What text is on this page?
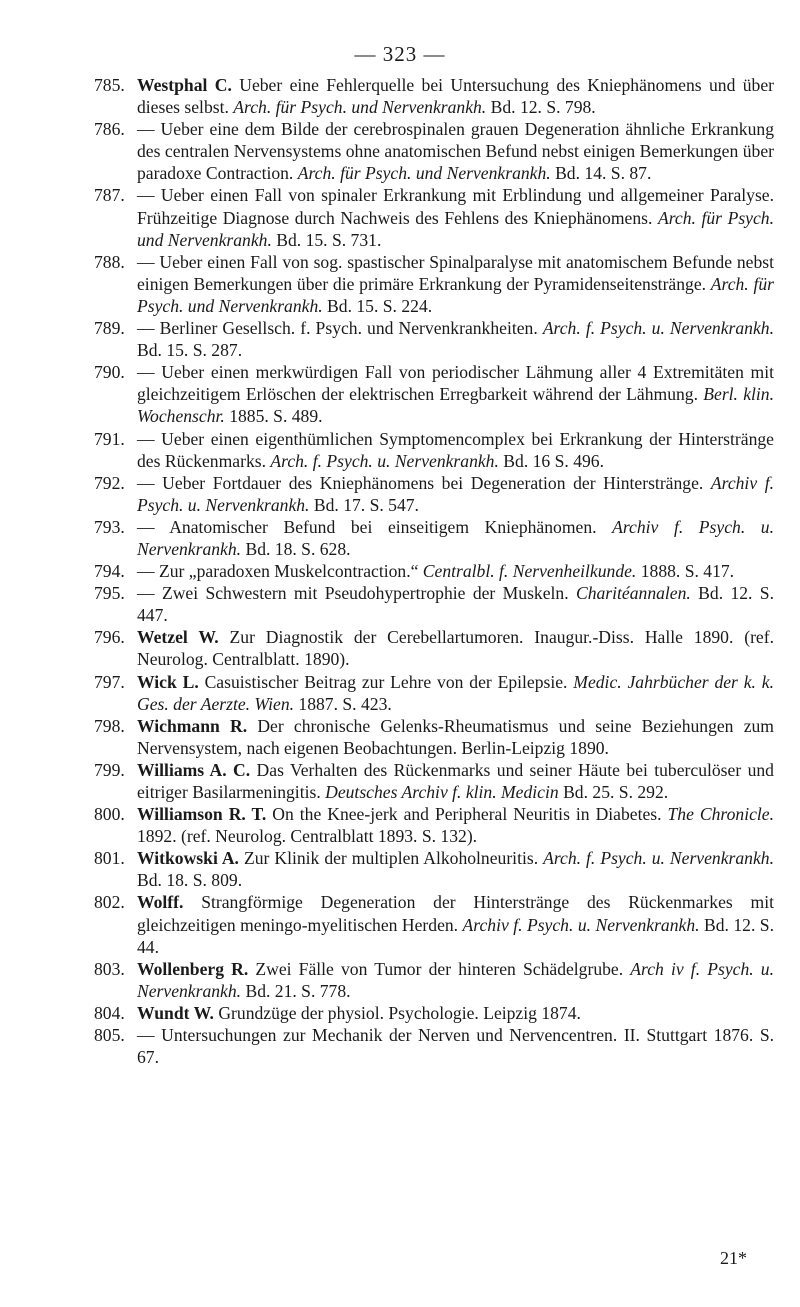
— 323 —
785. Westphal C. Ueber eine Fehlerquelle bei Untersuchung des Kniephänomens und über dieses selbst. Arch. für Psych. und Nervenkrankh. Bd. 12. S. 798.
786. — Ueber eine dem Bilde der cerebrospinalen grauen Degeneration ähnliche Erkrankung des centralen Nervensystems ohne anatomischen Befund nebst einigen Bemerkungen über paradoxe Contraction. Arch. für Psych. und Nervenkrankh. Bd. 14. S. 87.
787. — Ueber einen Fall von spinaler Erkrankung mit Erblindung und allgemeiner Paralyse. Frühzeitige Diagnose durch Nachweis des Fehlens des Kniephänomens. Arch. für Psych. und Nervenkrankh. Bd. 15. S. 731.
788. — Ueber einen Fall von sog. spastischer Spinalparalyse mit anatomischem Befunde nebst einigen Bemerkungen über die primäre Erkrankung der Pyramidenseitenstränge. Arch. für Psych. und Nervenkrankh. Bd. 15. S. 224.
789. — Berliner Gesellsch. f. Psych. und Nervenkrankheiten. Arch. f. Psych. u. Nervenkrankh. Bd. 15. S. 287.
790. — Ueber einen merkwürdigen Fall von periodischer Lähmung aller 4 Extremitäten mit gleichzeitigem Erlöschen der elektrischen Erregbarkeit während der Lähmung. Berl. klin. Wochenschr. 1885. S. 489.
791. — Ueber einen eigenthümlichen Symptomencomplex bei Erkrankung der Hinterstränge des Rückenmarks. Arch. f. Psych. u. Nervenkrankh. Bd. 16 S. 496.
792. — Ueber Fortdauer des Kniephänomens bei Degeneration der Hinterstränge. Archiv f. Psych. u. Nervenkrankh. Bd. 17. S. 547.
793. — Anatomischer Befund bei einseitigem Kniephänomen. Archiv f. Psych. u. Nervenkrankh. Bd. 18. S. 628.
794. — Zur „paradoxen Muskelcontraction.“ Centralbl. f. Nervenheilkunde. 1888. S. 417.
795. — Zwei Schwestern mit Pseudohypertrophie der Muskeln. Charitéannalen. Bd. 12. S. 447.
796. Wetzel W. Zur Diagnostik der Cerebellartumoren. Inaugur.-Diss. Halle 1890. (ref. Neurolog. Centralblatt. 1890).
797. Wick L. Casuistischer Beitrag zur Lehre von der Epilepsie. Medic. Jahrbücher der k. k. Ges. der Aerzte. Wien. 1887. S. 423.
798. Wichmann R. Der chronische Gelenks-Rheumatismus und seine Beziehungen zum Nervensystem, nach eigenen Beobachtungen. Berlin-Leipzig 1890.
799. Williams A. C. Das Verhalten des Rückenmarks und seiner Häute bei tuberculöser und eitriger Basilarmeningitis. Deutsches Archiv f. klin. Medicin Bd. 25. S. 292.
800. Williamson R. T. On the Knee-jerk and Peripheral Neuritis in Diabetes. The Chronicle. 1892. (ref. Neurolog. Centralblatt 1893. S. 132).
801. Witkowski A. Zur Klinik der multiplen Alkoholneuritis. Arch. f. Psych. u. Nervenkrankh. Bd. 18. S. 809.
802. Wolff. Strangförmige Degeneration der Hinterstränge des Rückenmarkes mit gleichzeitigen meningo-myelitischen Herden. Archiv f. Psych. u. Nervenkrankh. Bd. 12. S. 44.
803. Wollenberg R. Zwei Fälle von Tumor der hinteren Schädelgrube. Arch iv f. Psych. u. Nervenkrankh. Bd. 21. S. 778.
804. Wundt W. Grundzüge der physiol. Psychologie. Leipzig 1874.
805. — Untersuchungen zur Mechanik der Nerven und Nervencentren. II. Stuttgart 1876. S. 67.
21*
